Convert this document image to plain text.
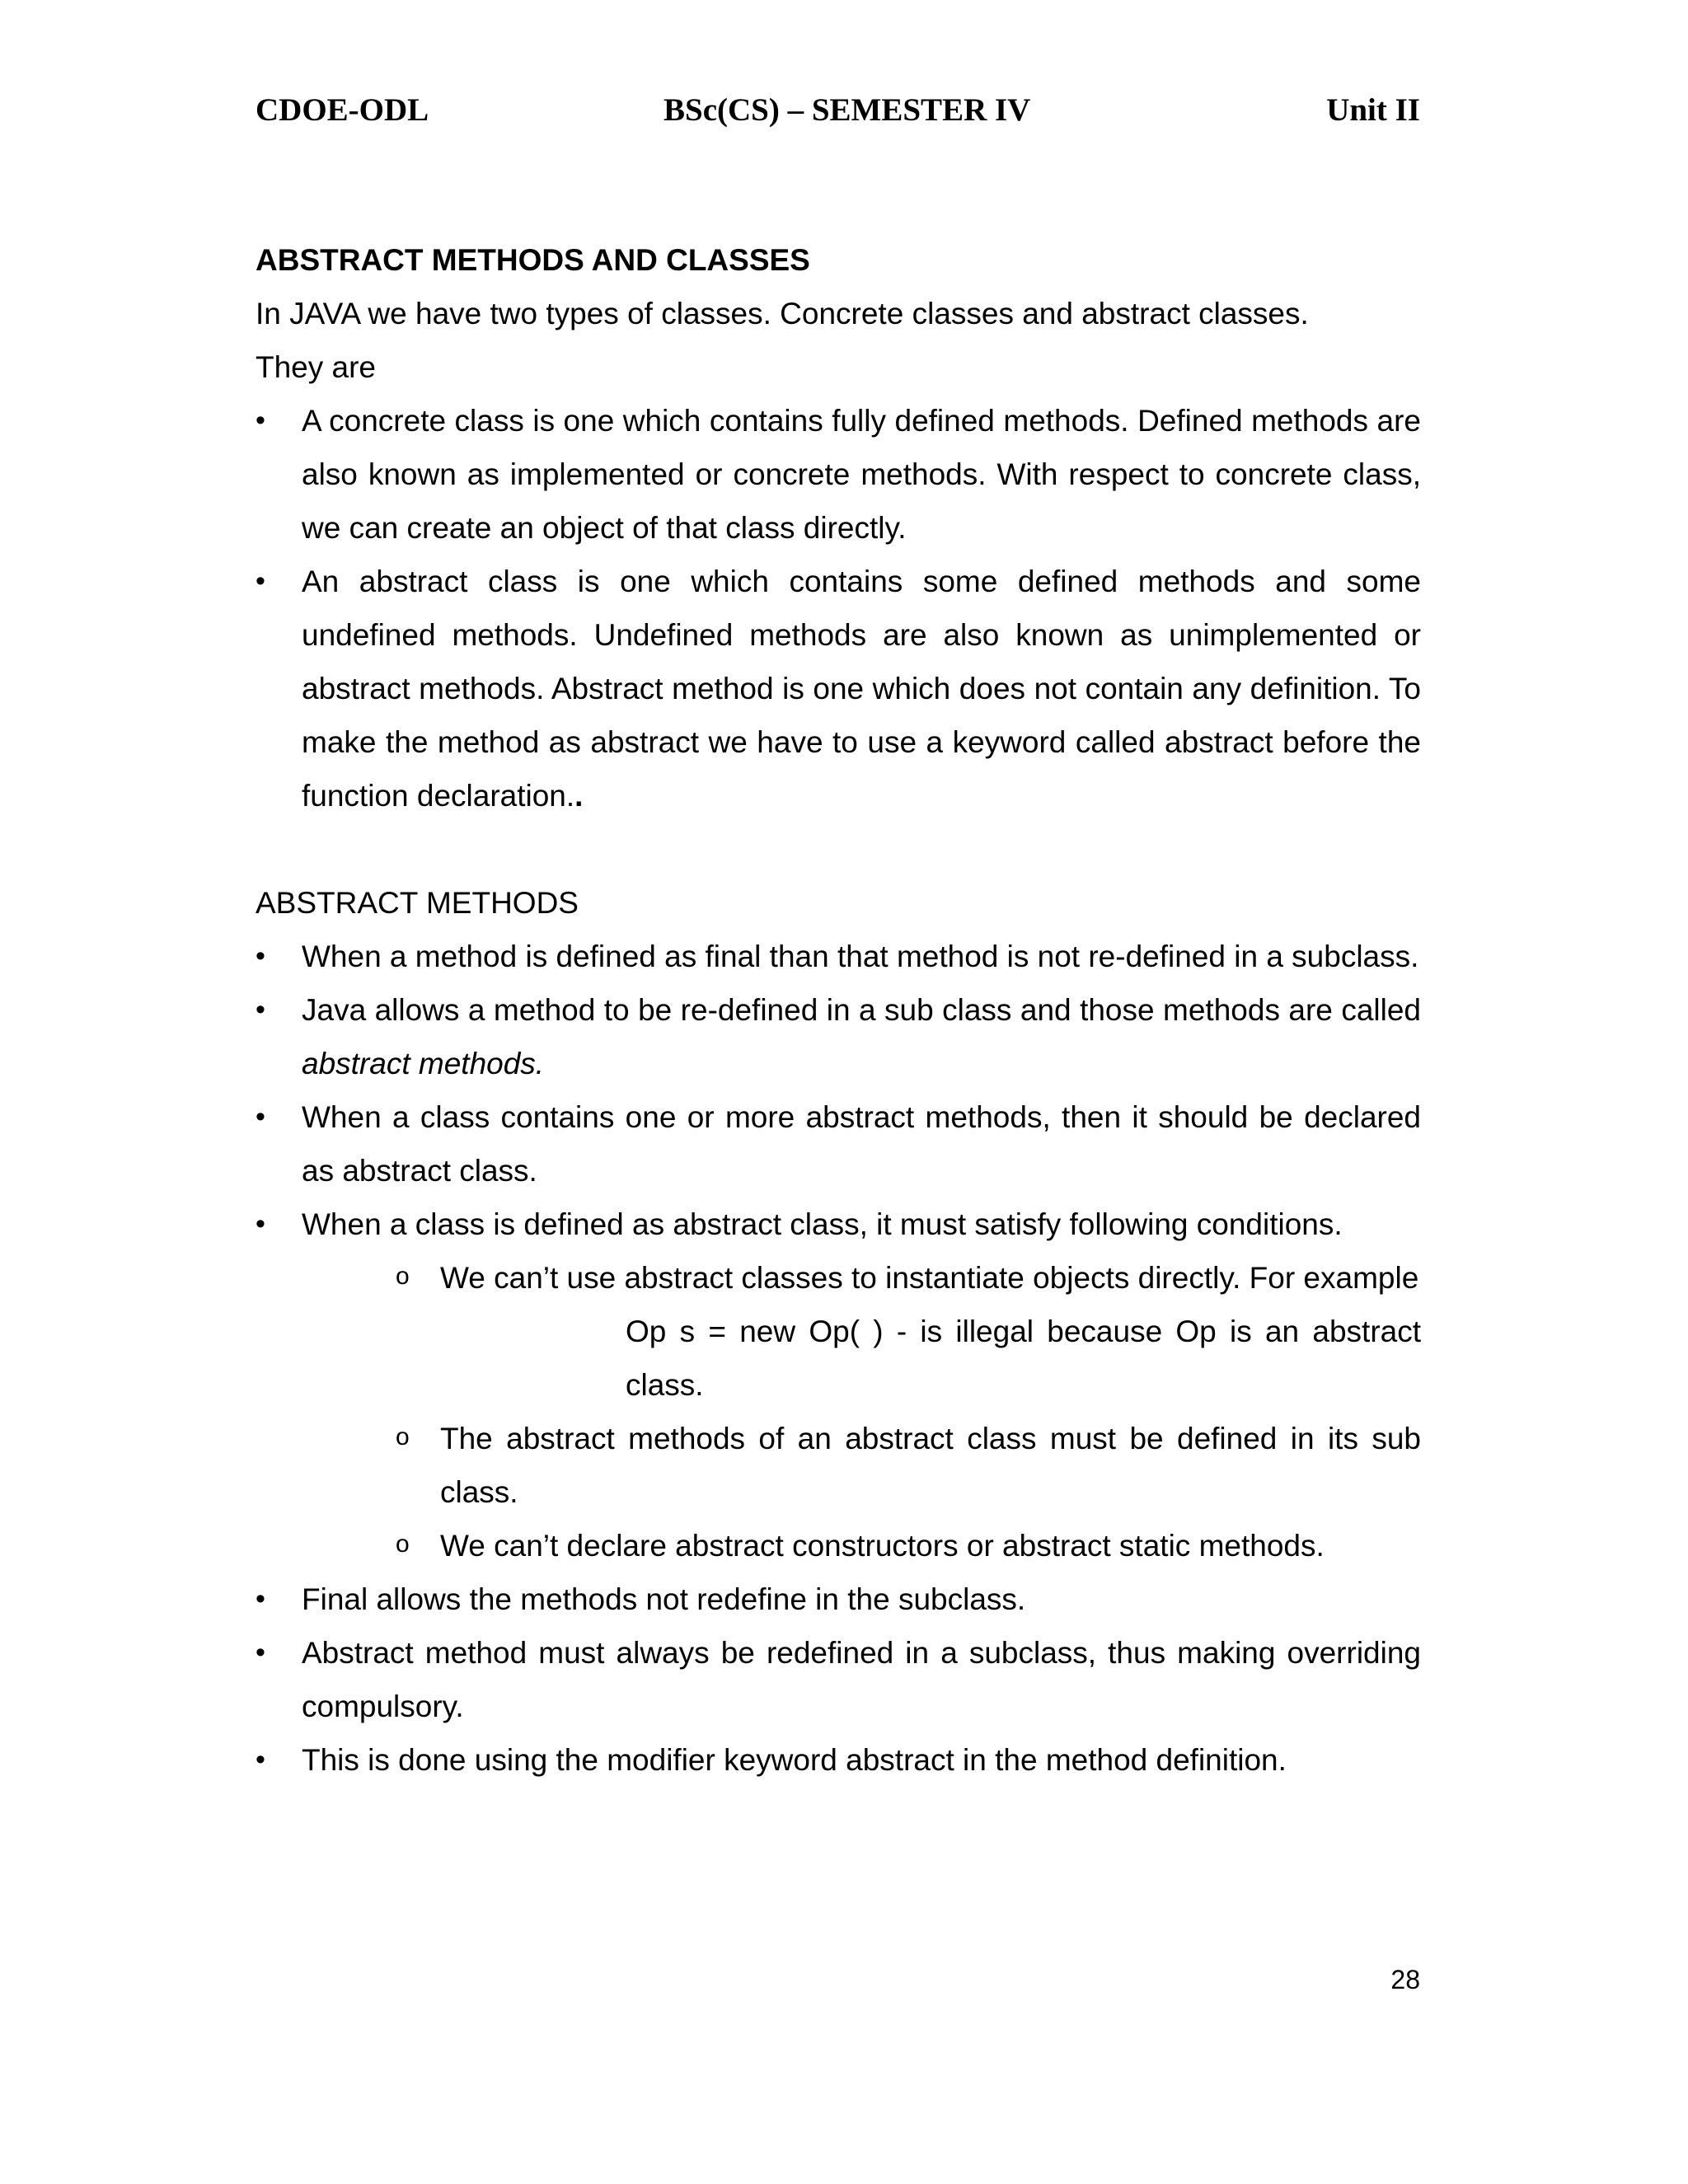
CDOE-ODL	BSc(CS) – SEMESTER IV	Unit II
ABSTRACT METHODS AND CLASSES
In JAVA we have two types of classes. Concrete classes and abstract classes.
They are
• A concrete class is one which contains fully defined methods. Defined methods are also known as implemented or concrete methods. With respect to concrete class, we can create an object of that class directly.
• An abstract class is one which contains some defined methods and some undefined methods. Undefined methods are also known as unimplemented or abstract methods. Abstract method is one which does not contain any definition. To make the method as abstract we have to use a keyword called abstract before the function declaration..
ABSTRACT METHODS
• When a method is defined as final than that method is not re-defined in a subclass.
• Java allows a method to be re-defined in a sub class and those methods are called abstract methods.
• When a class contains one or more abstract methods, then it should be declared as abstract class.
• When a class is defined as abstract class, it must satisfy following conditions.
o We can’t use abstract classes to instantiate objects directly. For example
Op s = new Op( ) - is illegal because Op is an abstract class.
o The abstract methods of an abstract class must be defined in its sub class.
o We can’t declare abstract constructors or abstract static methods.
• Final allows the methods not redefine in the subclass.
• Abstract method must always be redefined in a subclass, thus making overriding compulsory.
• This is done using the modifier keyword abstract in the method definition.
28
